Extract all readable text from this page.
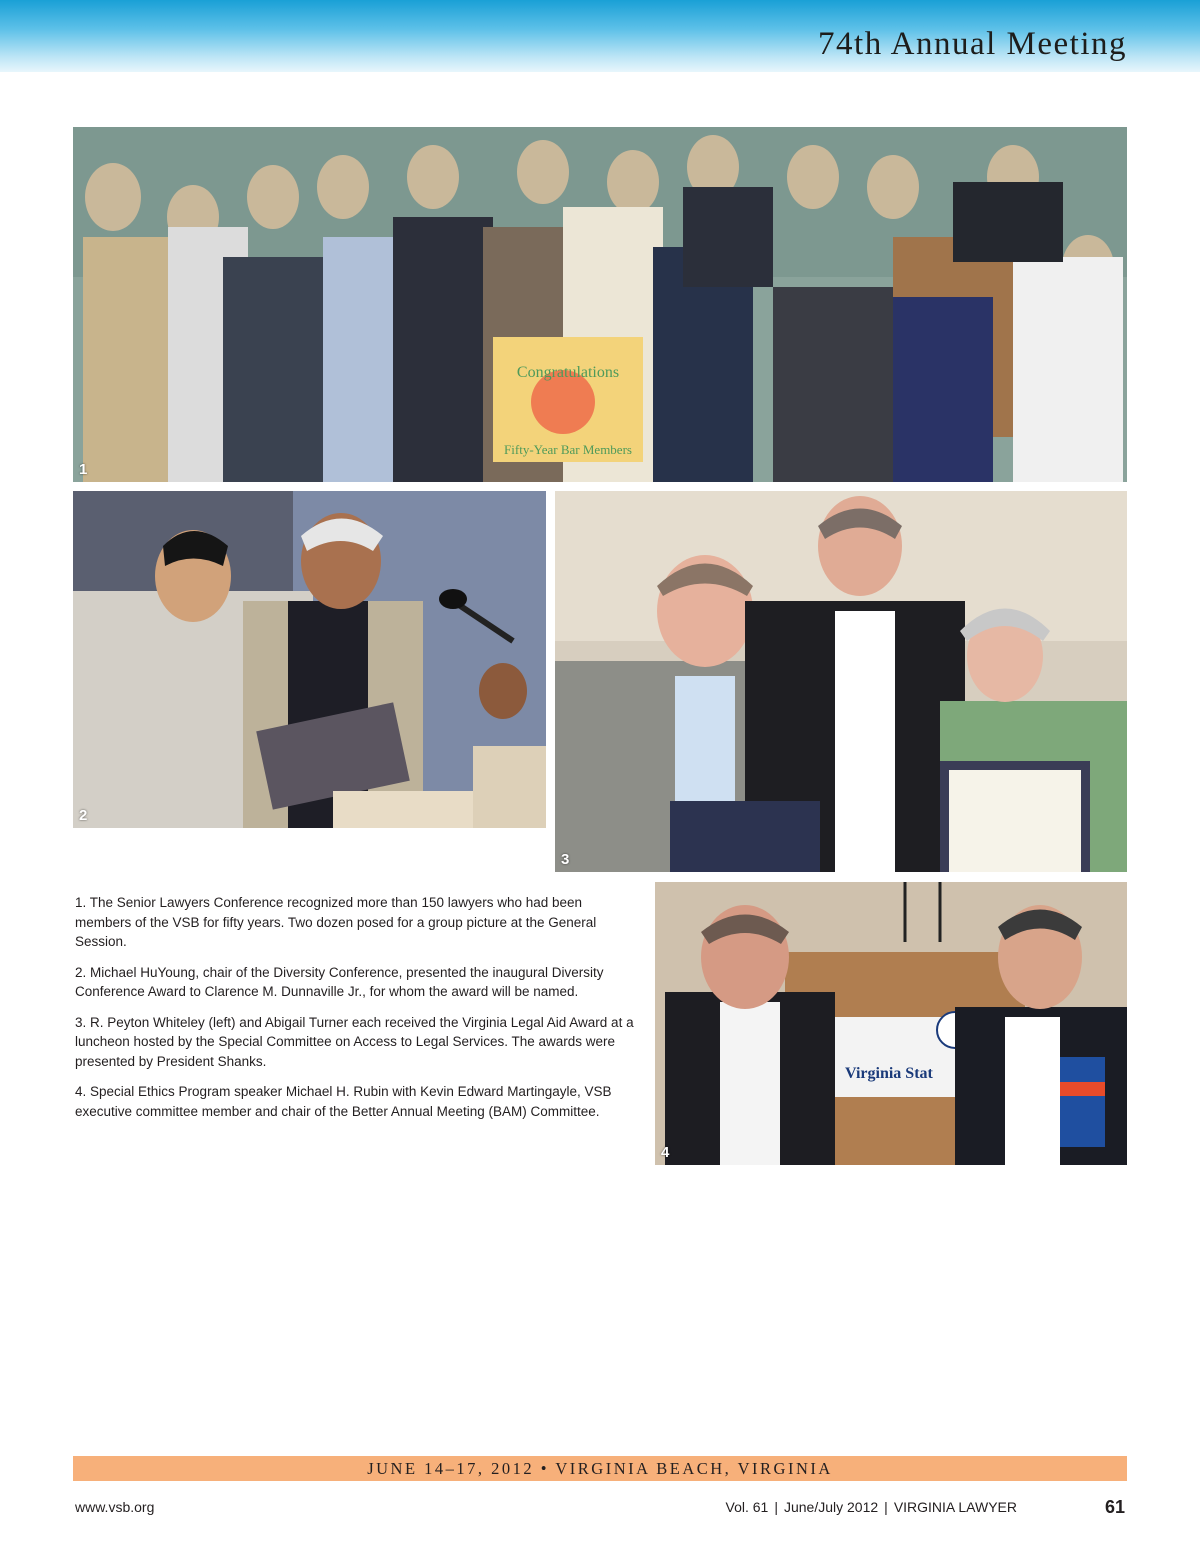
74th Annual Meeting
Congratulations
Fifty-Year Bar Members
1
2
3

1. The Senior Lawyers Conference recognized more than 150 lawyers who had been members of the VSB for fifty years. Two dozen posed for a group picture at the General Session.

2. Michael HuYoung, chair of the Diversity Conference, presented the inaugural Diversity Conference Award to Clarence M. Dunnaville Jr., for whom the award will be named.

3. R. Peyton Whiteley (left) and Abigail Turner each received the Virginia Legal Aid Award at a luncheon hosted by the Special Committee on Access to Legal Services. The awards were presented by President Shanks.

4. Special Ethics Program speaker Michael H. Rubin with Kevin Edward Martingayle, VSB executive committee member and chair of the Better Annual Meeting (BAM) Committee.

Virginia Stat
4
JUNE 14–17, 2012 • VIRGINIA BEACH, VIRGINIA
www.vsb.org	Vol. 61 | June/July 2012 | VIRGINIA LAWYER	61
